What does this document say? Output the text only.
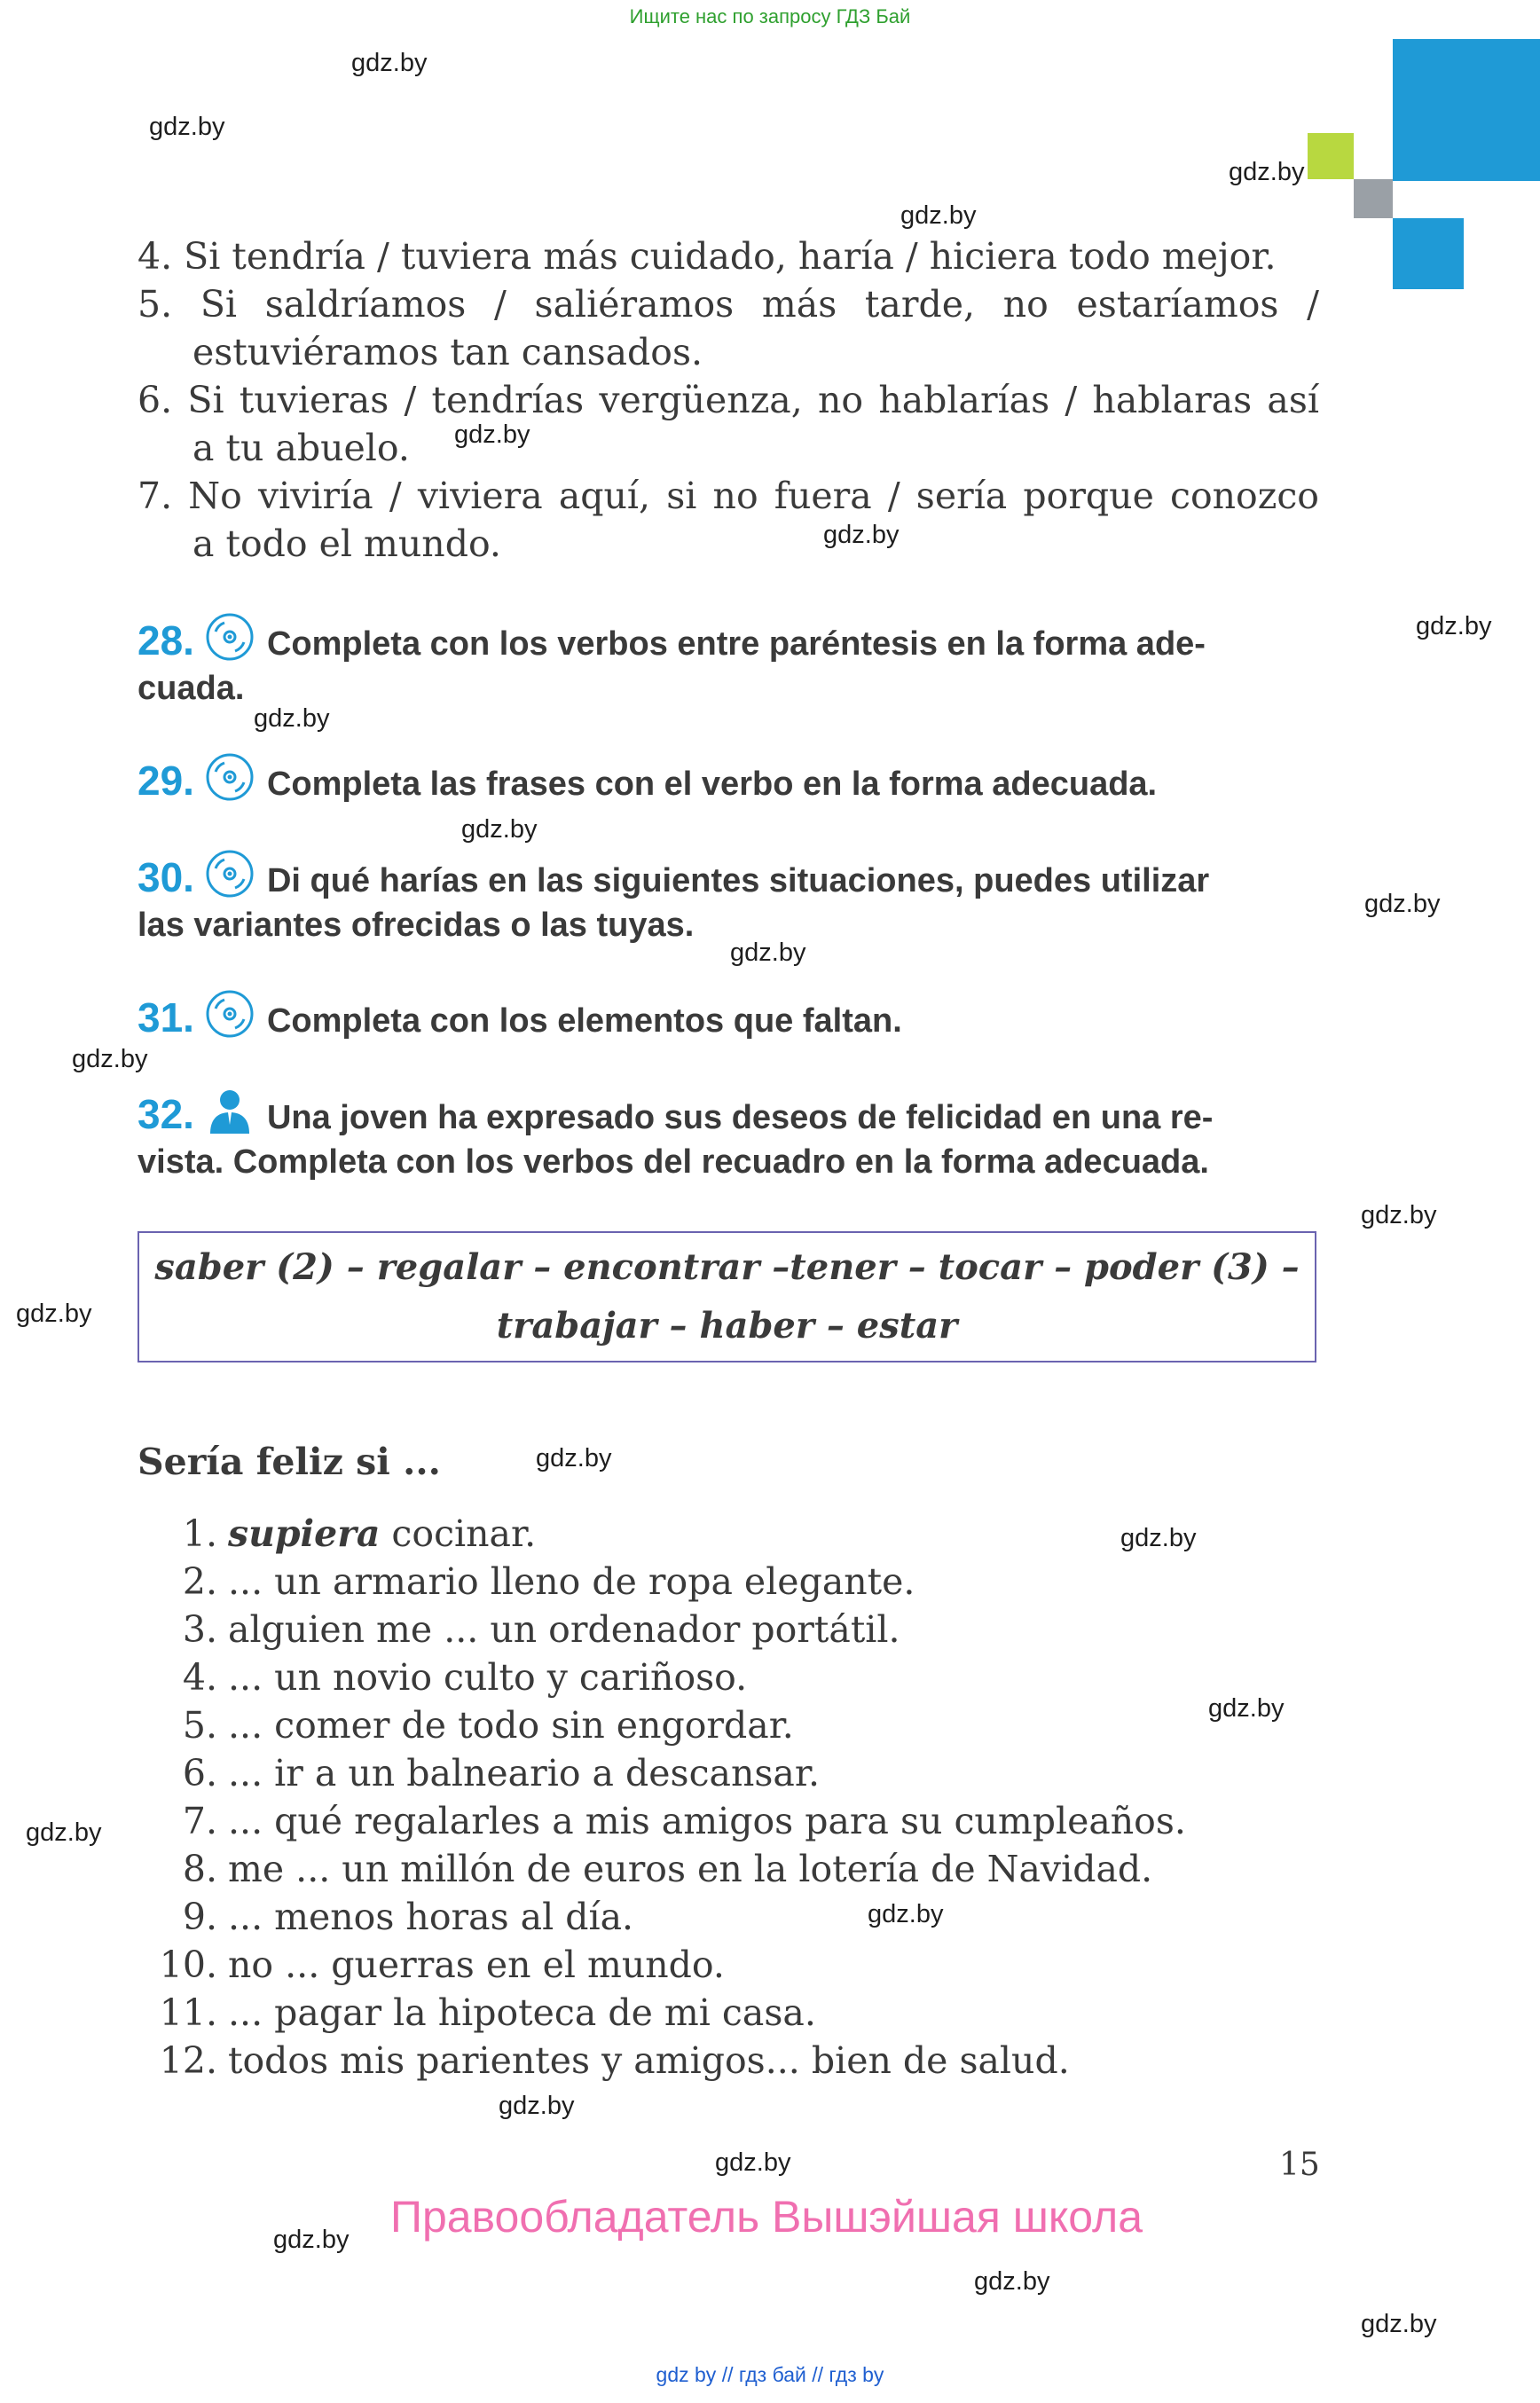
Ищите нас по запросу ГДЗ Бай
gdz.by
gdz.by
gdz.by
gdz.by
gdz.by
gdz.by
gdz.by
gdz.by
gdz.by
gdz.by
gdz.by
gdz.by
gdz.by
gdz.by
gdz.by
gdz.by
gdz.by
gdz.by
gdz.by
gdz.by
gdz.by
gdz.by
gdz.by
gdz.by
4. Si tendría / tuviera más cuidado, haría / hiciera todo mejor.
5. Si saldríamos / saliéramos más tarde, no estaríamos /
estuviéramos tan cansados.
6. Si tuvieras / tendrías vergüenza, no hablarías / hablaras así
a tu abuelo.
7. No viviría / viviera aquí, si no fuera / sería porque conozco
a todo el mundo.
28. Completa con los verbos entre paréntesis en la forma ade-
cuada.
29. Completa las frases con el verbo en la forma adecuada.
30. Di qué harías en las siguientes situaciones, puedes utilizar
las variantes ofrecidas o las tuyas.
31. Completa con los elementos que faltan.
32. Una joven ha expresado sus deseos de felicidad en una re-
vista. Completa con los verbos del recuadro en la forma adecuada.
saber (2) – regalar – encontrar –tener – tocar – poder (3) –
trabajar – haber – estar
Sería feliz si ...
1. supiera cocinar.
2. ... un armario lleno de ropa elegante.
3. alguien me ... un ordenador portátil.
4. ... un novio culto y cariñoso.
5. ... comer de todo sin engordar.
6. ... ir a un balneario a descansar.
7. ... qué regalarles a mis amigos para su cumpleaños.
8. me ... un millón de euros en la lotería de Navidad.
9. ... menos horas al día.
10. no ... guerras en el mundo.
11. ... pagar la hipoteca de mi casa.
12. todos mis parientes y amigos... bien de salud.
15
Правообладатель Вышэйшая школа
gdz by // гдз бай // гдз by
